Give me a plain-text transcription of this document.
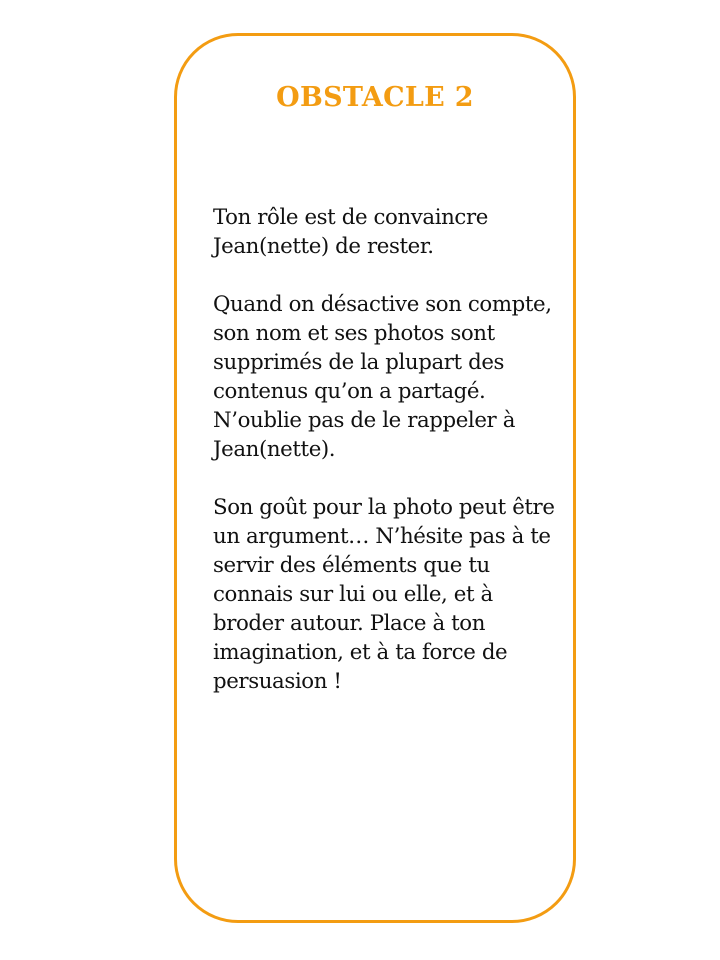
OBSTACLE 2

Ton rôle est de convaincre Jean(nette) de rester.

Quand on désactive son compte, son nom et ses photos sont supprimés de la plupart des contenus qu’on a partagé. N’oublie pas de le rappeler à Jean(nette).

Son goût pour la photo peut être un argument… N’hésite pas à te servir des éléments que tu connais sur lui ou elle, et à broder autour. Place à ton imagination, et à ta force de persuasion !
